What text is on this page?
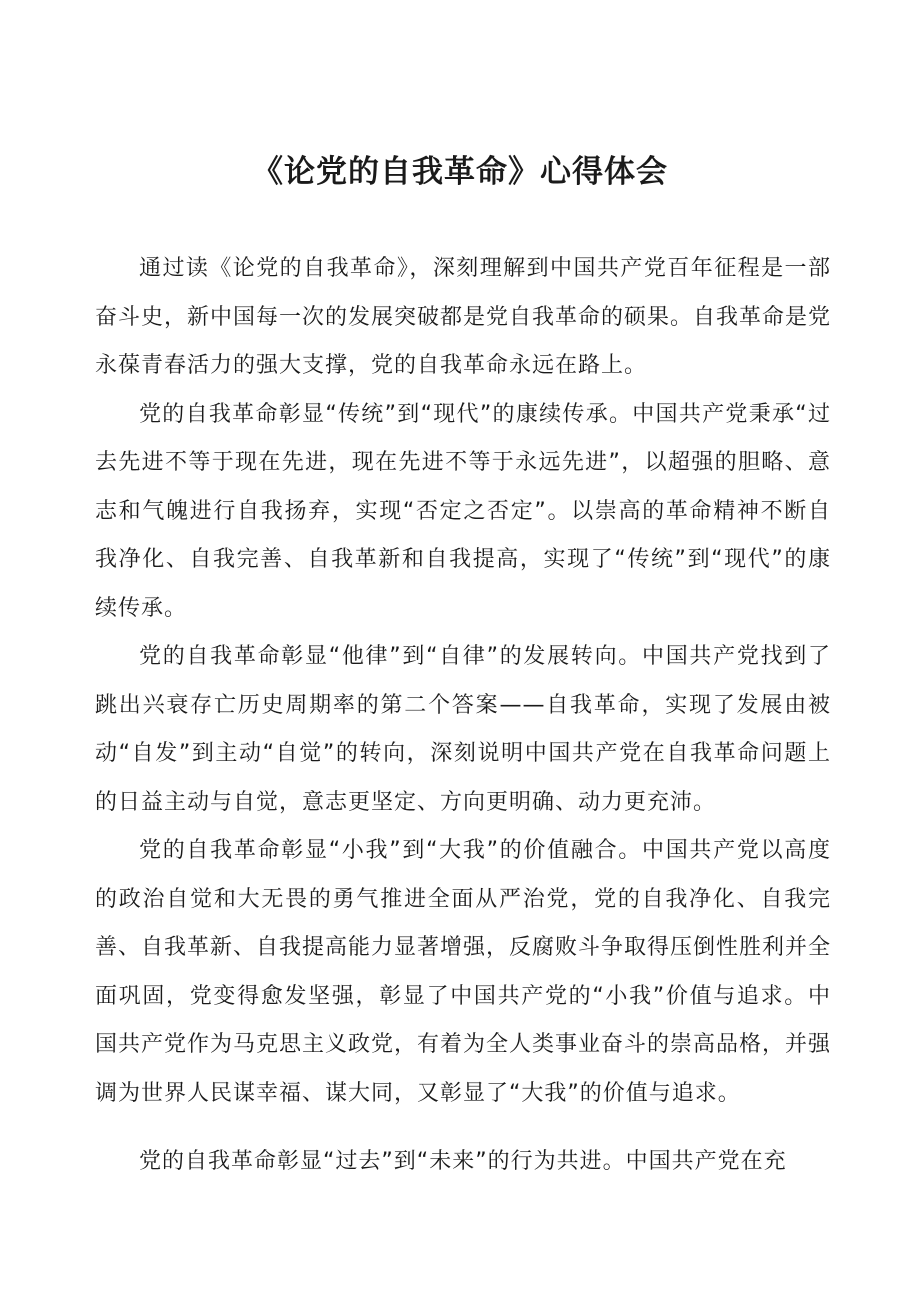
《论党的自我革命》心得体会

通过读《论党的自我革命》，深刻理解到中国共产党百年征程是一部奋斗史，新中国每一次的发展突破都是党自我革命的硕果。自我革命是党永葆青春活力的强大支撑，党的自我革命永远在路上。

党的自我革命彰显“传统”到“现代”的康续传承。中国共产党秉承“过去先进不等于现在先进，现在先进不等于永远先进”，以超强的胆略、意志和气魄进行自我扬弃，实现“否定之否定”。以崇高的革命精神不断自我净化、自我完善、自我革新和自我提高，实现了“传统”到“现代”的康续传承。

党的自我革命彰显“他律”到“自律”的发展转向。中国共产党找到了跳出兴衰存亡历史周期率的第二个答案——自我革命，实现了发展由被动“自发”到主动“自觉”的转向，深刻说明中国共产党在自我革命问题上的日益主动与自觉，意志更坚定、方向更明确、动力更充沛。

党的自我革命彰显“小我”到“大我”的价值融合。中国共产党以高度的政治自觉和大无畏的勇气推进全面从严治党，党的自我净化、自我完善、自我革新、自我提高能力显著增强，反腐败斗争取得压倒性胜利并全面巩固，党变得愈发坚强，彰显了中国共产党的“小我”价值与追求。中国共产党作为马克思主义政党，有着为全人类事业奋斗的崇高品格，并强调为世界人民谋幸福、谋大同，又彰显了“大我”的价值与追求。

党的自我革命彰显“过去”到“未来”的行为共进。中国共产党在充
